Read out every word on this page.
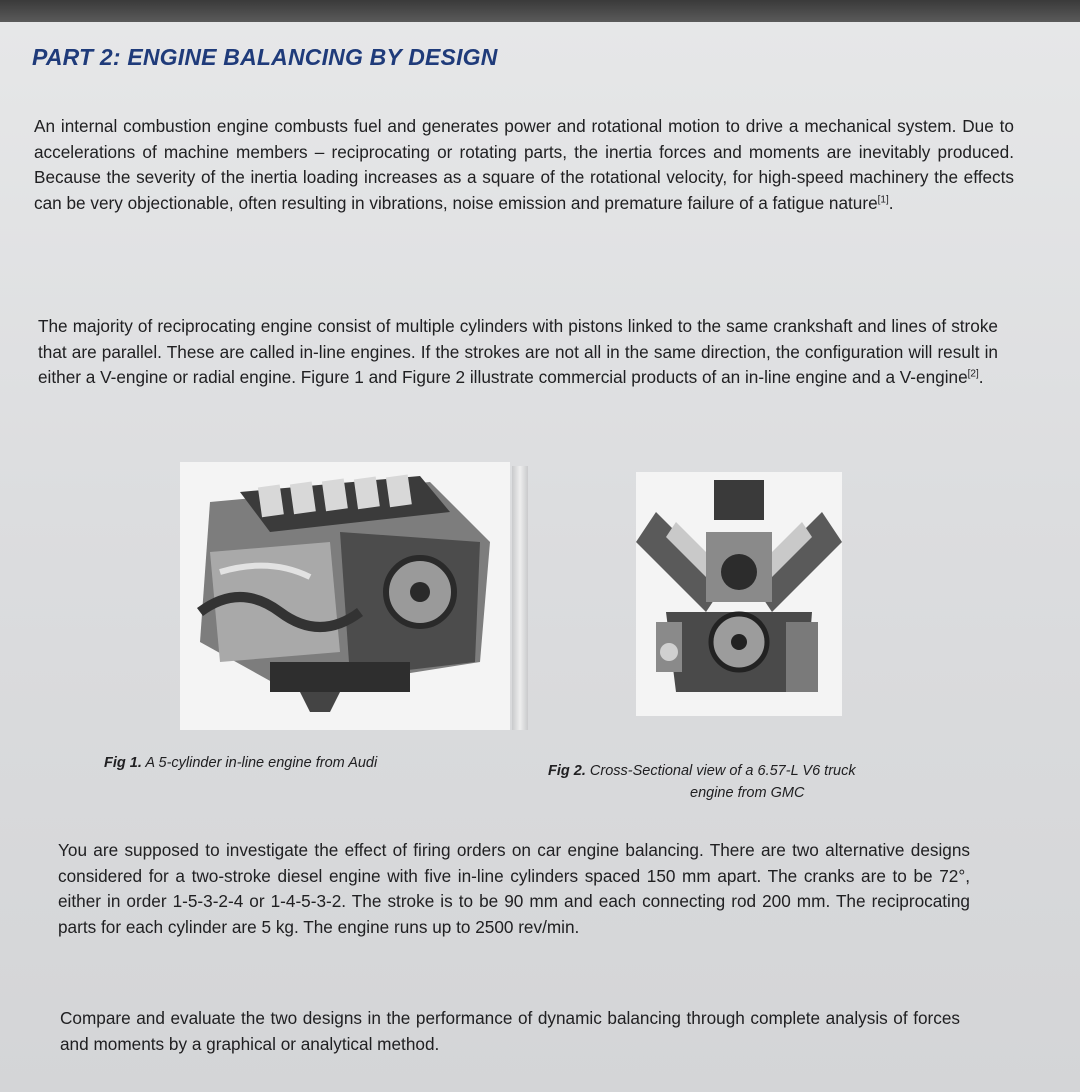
PART 2: ENGINE BALANCING BY DESIGN

An internal combustion engine combusts fuel and generates power and rotational motion to drive a mechanical system. Due to accelerations of machine members – reciprocating or rotating parts, the inertia forces and moments are inevitably produced. Because the severity of the inertia loading increases as a square of the rotational velocity, for high-speed machinery the effects can be very objectionable, often resulting in vibrations, noise emission and premature failure of a fatigue nature[1].

The majority of reciprocating engine consist of multiple cylinders with pistons linked to the same crankshaft and lines of stroke that are parallel. These are called in-line engines. If the strokes are not all in the same direction, the configuration will result in either a V-engine or radial engine. Figure 1 and Figure 2 illustrate commercial products of an in-line engine and a V-engine[2].

Fig 1. A 5-cylinder in-line engine from Audi	Fig 2. Cross-Sectional view of a 6.57-L V6 truck
engine from GMC

You are supposed to investigate the effect of firing orders on car engine balancing. There are two alternative designs considered for a two-stroke diesel engine with five in-line cylinders spaced 150 mm apart. The cranks are to be 72°, either in order 1-5-3-2-4 or 1-4-5-3-2. The stroke is to be 90 mm and each connecting rod 200 mm. The reciprocating parts for each cylinder are 5 kg. The engine runs up to 2500 rev/min.

Compare and evaluate the two designs in the performance of dynamic balancing through complete analysis of forces and moments by a graphical or analytical method.
